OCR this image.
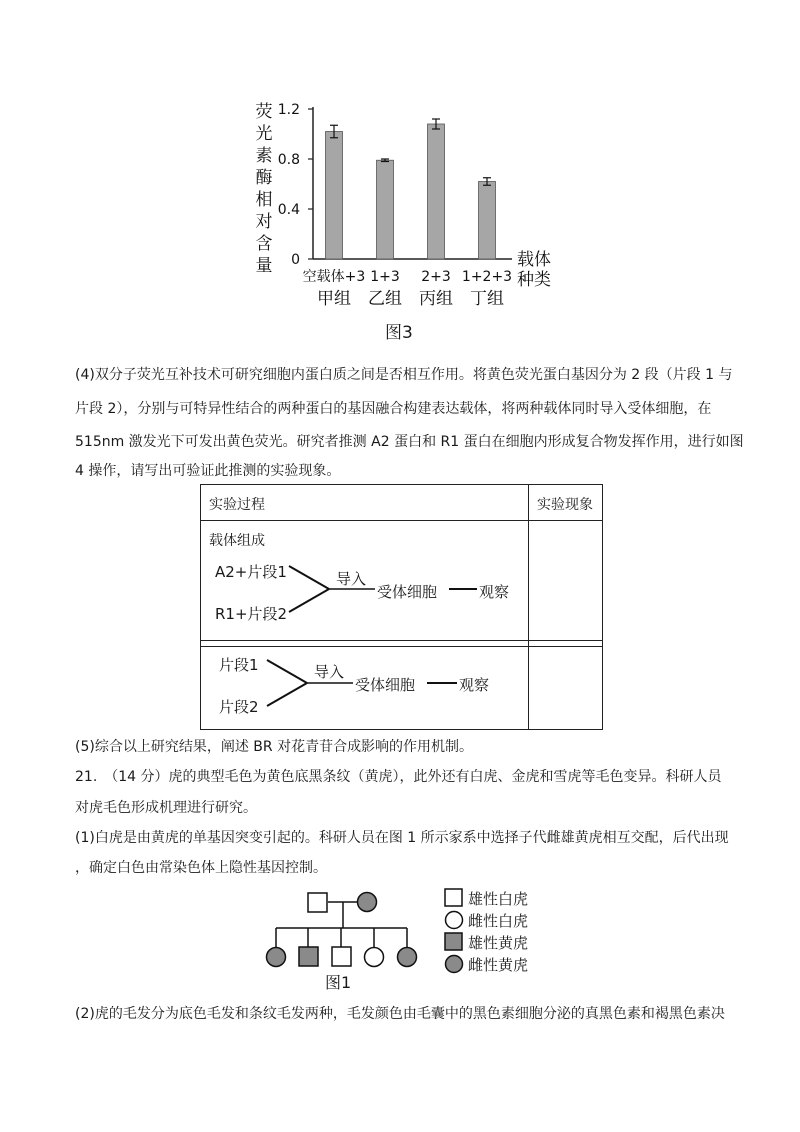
荧
光
素
酶
相
对
含
量
1.2
0.8
0.4
0
空载体+3
甲组
1+3
乙组
2+3
丙组
1+2+3
丁组
载体
种类
图3
(4)双分子荧光互补技术可研究细胞内蛋白质之间是否相互作用。将黄色荧光蛋白基因分为 2 段（片段 1 与
片段 2），分别与可特异性结合的两种蛋白的基因融合构建表达载体，将两种载体同时导入受体细胞，在
515nm 激发光下可发出黄色荧光。研究者推测 A2 蛋白和 R1 蛋白在细胞内形成复合物发挥作用，进行如图
4 操作，请写出可验证此推测的实验现象。
实验过程	实验现象
载体组成
A2+片段1
R1+片段2
导入
受体细胞	观察
片段1
片段2
导入
受体细胞	观察
(5)综合以上研究结果，阐述 BR 对花青苷合成影响的作用机制。
21.　（14 分）虎的典型毛色为黄色底黑条纹（黄虎），此外还有白虎、金虎和雪虎等毛色变异。科研人员
对虎毛色形成机理进行研究。
(1)白虎是由黄虎的单基因突变引起的。科研人员在图 1 所示家系中选择子代雌雄黄虎相互交配，后代出现
，确定白色由常染色体上隐性基因控制。
雄性白虎
雌性白虎
雄性黄虎
雌性黄虎
图1
(2)虎的毛发分为底色毛发和条纹毛发两种，毛发颜色由毛囊中的黑色素细胞分泌的真黑色素和褐黑色素决
